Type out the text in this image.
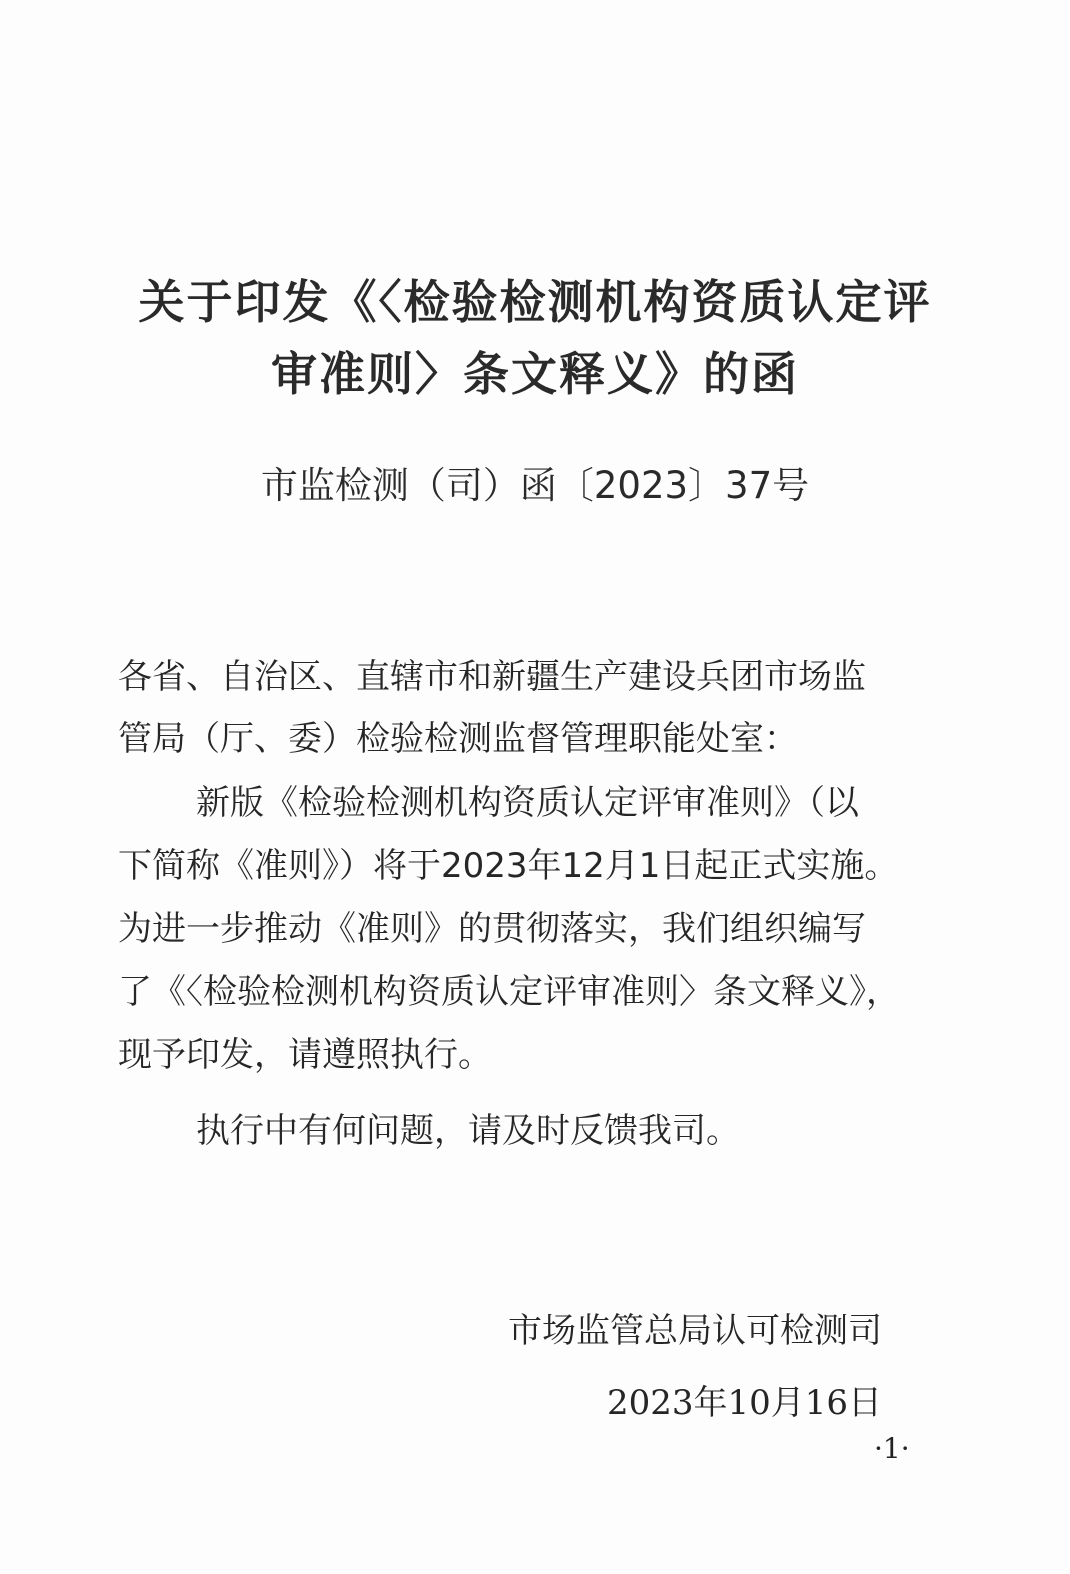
关于印发《〈检验检测机构资质认定评
审准则〉条文释义》的函
市监检测（司）函〔2023〕37号
各省、自治区、直辖市和新疆生产建设兵团市场监
管局（厅、委）检验检测监督管理职能处室：
新版《检验检测机构资质认定评审准则》（以
下简称《准则》）将于2023年12月1日起正式实施。
为进一步推动《准则》的贯彻落实，我们组织编写
了《〈检验检测机构资质认定评审准则〉条文释义》，
现予印发，请遵照执行。
执行中有何问题，请及时反馈我司。
市场监管总局认可检测司
2023年10月16日
·1·
